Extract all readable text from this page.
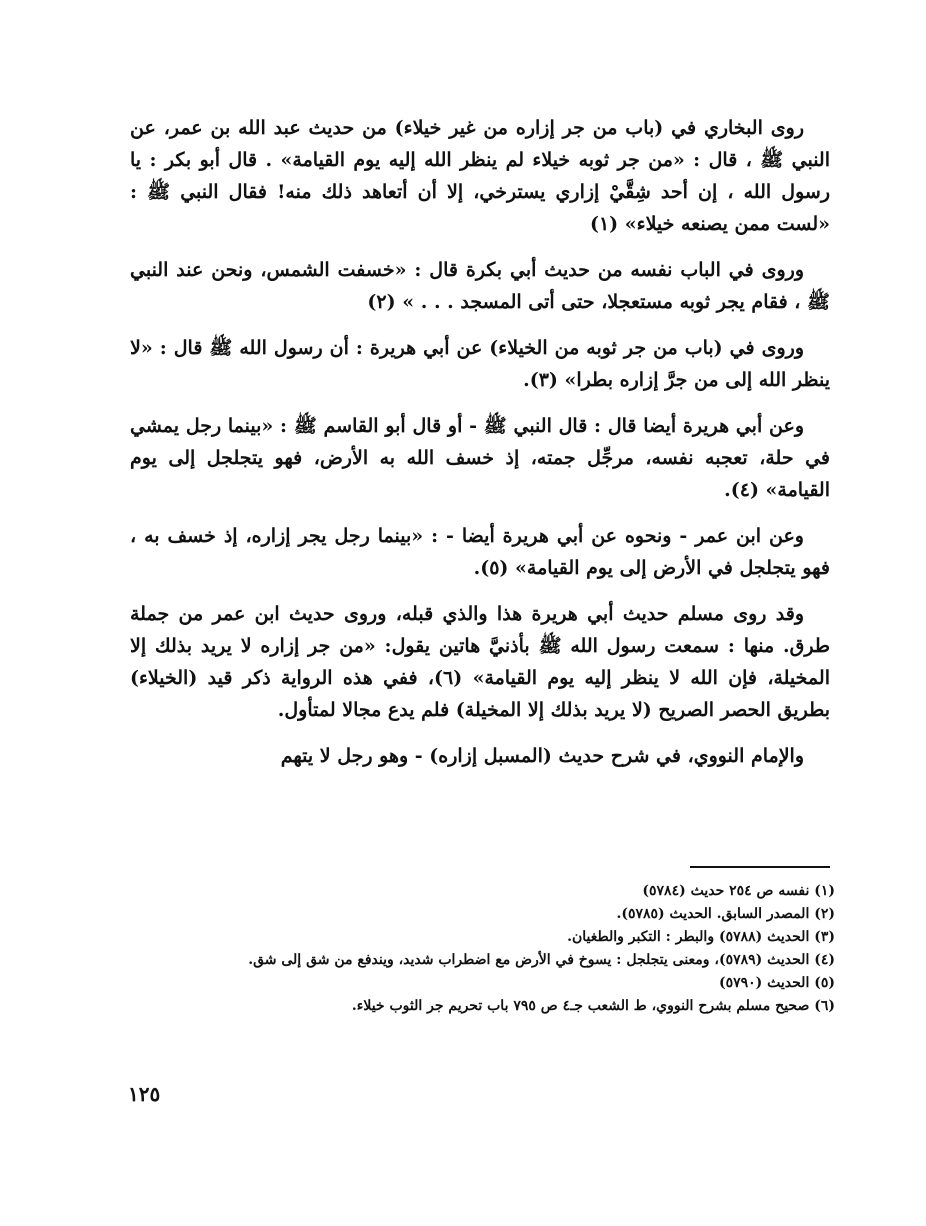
روى البخاري في (باب من جر إزاره من غير خيلاء) من حديث عبد الله بن عمر، عن النبي ﷺ ، قال : «من جر ثوبه خيلاء لم ينظر الله إليه يوم القيامة» . قال أبو بكر : يا رسول الله ، إن أحد شِقَّيْ إزاري يسترخي، إلا أن أتعاهد ذلك منه! فقال النبي ﷺ : «لست ممن يصنعه خيلاء» (١)

وروى في الباب نفسه من حديث أبي بكرة قال : «خسفت الشمس، ونحن عند النبي ﷺ ، فقام يجر ثوبه مستعجلا، حتى أتى المسجد . . . » (٢)

وروى في (باب من جر ثوبه من الخيلاء) عن أبي هريرة : أن رسول الله ﷺ قال : «لا ينظر الله إلى من جرَّ إزاره بطرا» (٣).

وعن أبي هريرة أيضا قال : قال النبي ﷺ - أو قال أبو القاسم ﷺ : «بينما رجل يمشي في حلة، تعجبه نفسه، مرجِّل جمته، إذ خسف الله به الأرض، فهو يتجلجل إلى يوم القيامة» (٤).

وعن ابن عمر - ونحوه عن أبي هريرة أيضا - : «بينما رجل يجر إزاره، إذ خسف به ، فهو يتجلجل في الأرض إلى يوم القيامة» (٥).

وقد روى مسلم حديث أبي هريرة هذا والذي قبله، وروى حديث ابن عمر من جملة طرق. منها : سمعت رسول الله ﷺ بأذنيَّ هاتين يقول: «من جر إزاره لا يريد بذلك إلا المخيلة، فإن الله لا ينظر إليه يوم القيامة» (٦)، ففي هذه الرواية ذكر قيد (الخيلاء) بطريق الحصر الصريح (لا يريد بذلك إلا المخيلة) فلم يدع مجالا لمتأول.

والإمام النووي، في شرح حديث (المسبل إزاره) - وهو رجل لا يتهم

(١) نفسه ص ٢٥٤ حديث (٥٧٨٤)

(٢) المصدر السابق. الحديث (٥٧٨٥).

(٣) الحديث (٥٧٨٨) والبطر : التكبر والطغيان.

(٤) الحديث (٥٧٨٩)، ومعنى يتجلجل : يسوخ في الأرض مع اضطراب شديد، ويندفع من شق إلى شق.

(٥) الحديث (٥٧٩٠)

(٦) صحيح مسلم بشرح النووي، ط الشعب جـ٤ ص ٧٩٥ باب تحريم جر الثوب خيلاء.

١٢٥
